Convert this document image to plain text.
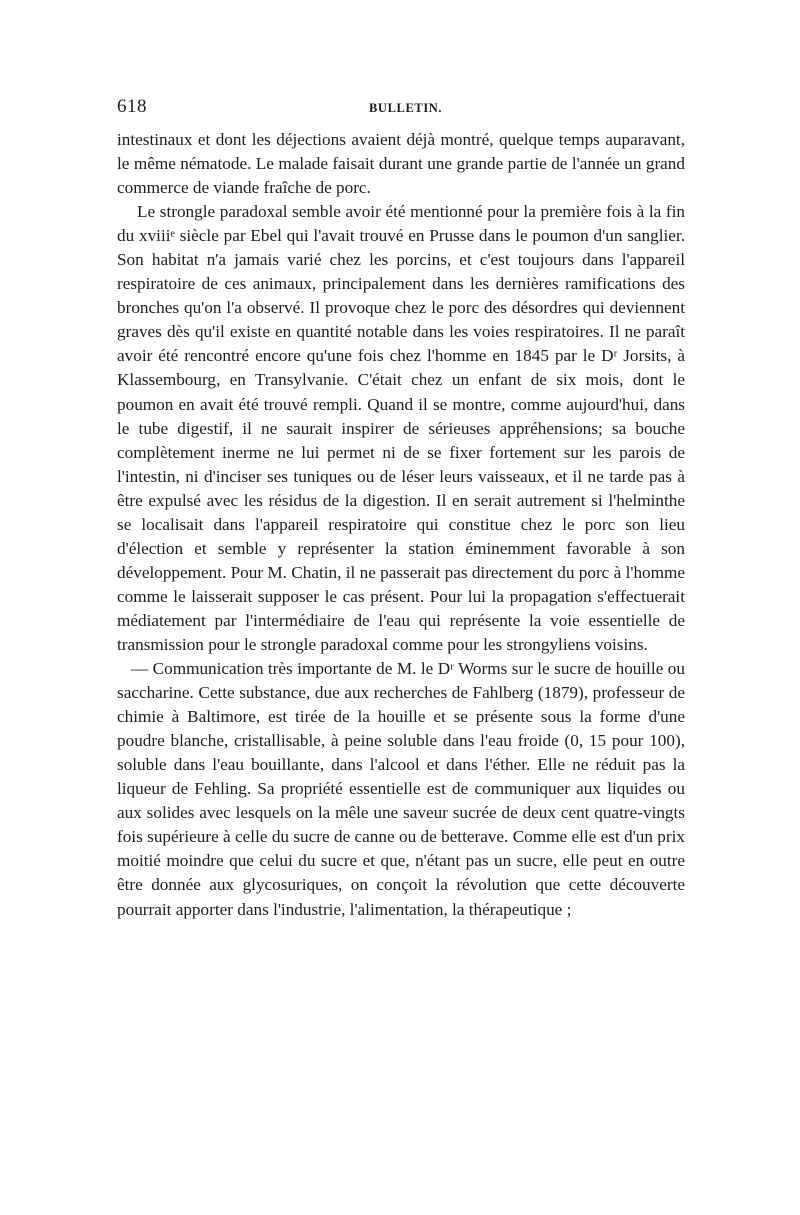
618	BULLETIN.

intestinaux et dont les déjections avaient déjà montré, quelque temps auparavant, le même nématode. Le malade faisait durant une grande partie de l'année un grand commerce de viande fraîche de porc.

Le strongle paradoxal semble avoir été mentionné pour la première fois à la fin du xviiiᵉ siècle par Ebel qui l'avait trouvé en Prusse dans le poumon d'un sanglier. Son habitat n'a jamais varié chez les porcins, et c'est toujours dans l'appareil respiratoire de ces animaux, principalement dans les dernières ramifications des bronches qu'on l'a observé. Il provoque chez le porc des désordres qui deviennent graves dès qu'il existe en quantité notable dans les voies respiratoires. Il ne paraît avoir été rencontré encore qu'une fois chez l'homme en 1845 par le Dʳ Jorsits, à Klassembourg, en Transylvanie. C'était chez un enfant de six mois, dont le poumon en avait été trouvé rempli. Quand il se montre, comme aujourd'hui, dans le tube digestif, il ne saurait inspirer de sérieuses appréhensions; sa bouche complètement inerme ne lui permet ni de se fixer fortement sur les parois de l'intestin, ni d'inciser ses tuniques ou de léser leurs vaisseaux, et il ne tarde pas à être expulsé avec les résidus de la digestion. Il en serait autrement si l'helminthe se localisait dans l'appareil respiratoire qui constitue chez le porc son lieu d'élection et semble y représenter la station éminemment favorable à son développement. Pour M. Chatin, il ne passerait pas directement du porc à l'homme comme le laisserait supposer le cas présent. Pour lui la propagation s'effectuerait médiatement par l'intermédiaire de l'eau qui représente la voie essentielle de transmission pour le strongle paradoxal comme pour les strongyliens voisins.

— Communication très importante de M. le Dʳ Worms sur le sucre de houille ou saccharine. Cette substance, due aux recherches de Fahlberg (1879), professeur de chimie à Baltimore, est tirée de la houille et se présente sous la forme d'une poudre blanche, cristallisable, à peine soluble dans l'eau froide (0, 15 pour 100), soluble dans l'eau bouillante, dans l'alcool et dans l'éther. Elle ne réduit pas la liqueur de Fehling. Sa propriété essentielle est de communiquer aux liquides ou aux solides avec lesquels on la mêle une saveur sucrée de deux cent quatre-vingts fois supérieure à celle du sucre de canne ou de betterave. Comme elle est d'un prix moitié moindre que celui du sucre et que, n'étant pas un sucre, elle peut en outre être donnée aux glycosuriques, on conçoit la révolution que cette découverte pourrait apporter dans l'industrie, l'alimentation, la thérapeutique ;
